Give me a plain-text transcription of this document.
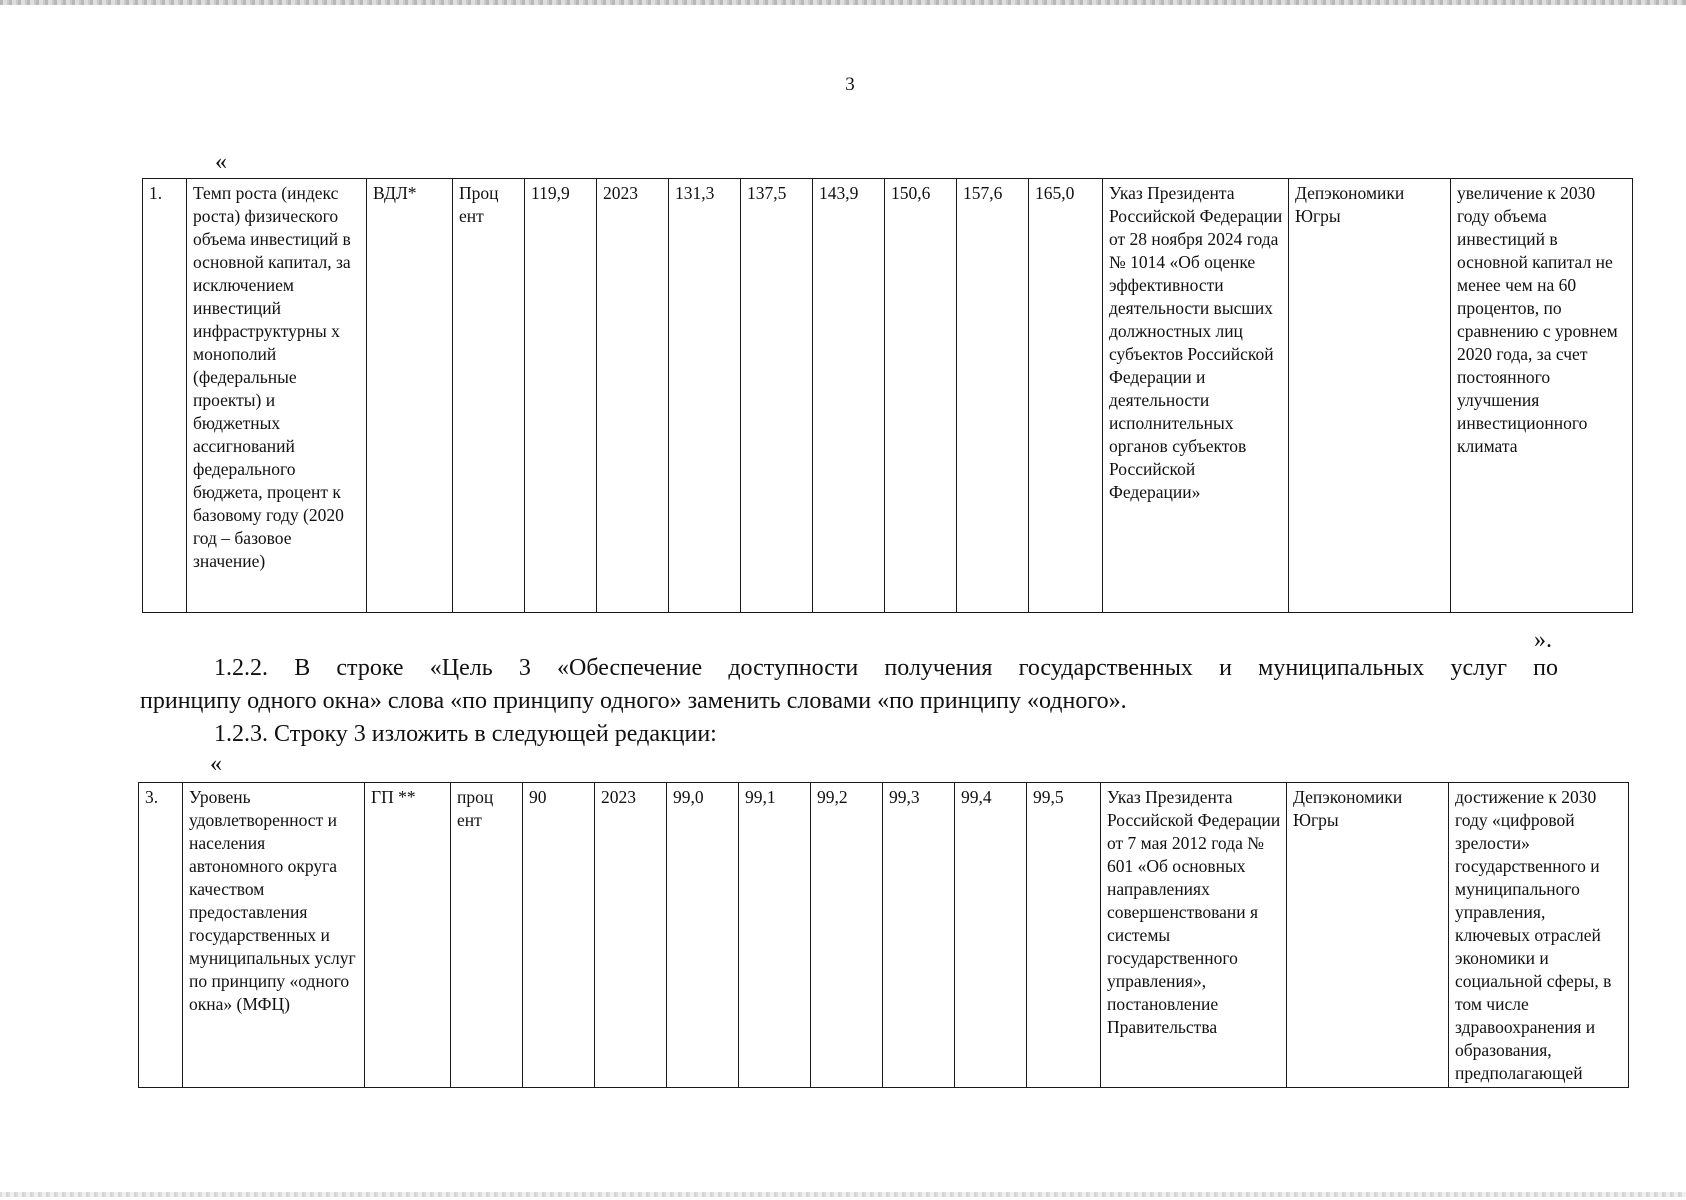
3
«
1.	Темп роста (индекс роста) физического объема инвестиций в основной капитал, за исключением инвестиций инфраструктурны х монополий (федеральные проекты) и бюджетных ассигнований федерального бюджета, процент к базовому году (2020 год – базовое значение)	ВДЛ*	Проц ент	119,9	2023	131,3	137,5	143,9	150,6	157,6	165,0	Указ Президента Российской Федерации от 28 ноября 2024 года № 1014 «Об оценке эффективности деятельности высших должностных лиц субъектов Российской Федерации и деятельности исполнительных органов субъектов Российской Федерации»	Депэкономики Югры	увеличение к 2030 году объема инвестиций в основной капитал не менее чем на 60 процентов, по сравнению с уровнем 2020 года, за счет постоянного улучшения инвестиционного климата
».
1.2.2. В строке «Цель 3 «Обеспечение доступности получения государственных и муниципальных услуг по
принципу одного окна» слова «по принципу одного» заменить словами «по принципу «одного».
1.2.3. Строку 3 изложить в следующей редакции:
«
3.	Уровень удовлетворенност и населения автономного округа качеством предоставления государственных и муниципальных услуг по принципу «одного окна» (МФЦ)	ГП **	проц ент	90	2023	99,0	99,1	99,2	99,3	99,4	99,5	Указ Президента Российской Федерации от 7 мая 2012 года № 601 «Об основных направлениях совершенствовани я системы государственного управления», постановление Правительства	Депэкономики Югры	достижение к 2030 году «цифровой зрелости» государственного и муниципального управления, ключевых отраслей экономики и социальной сферы, в том числе здравоохранения и образования, предполагающей
